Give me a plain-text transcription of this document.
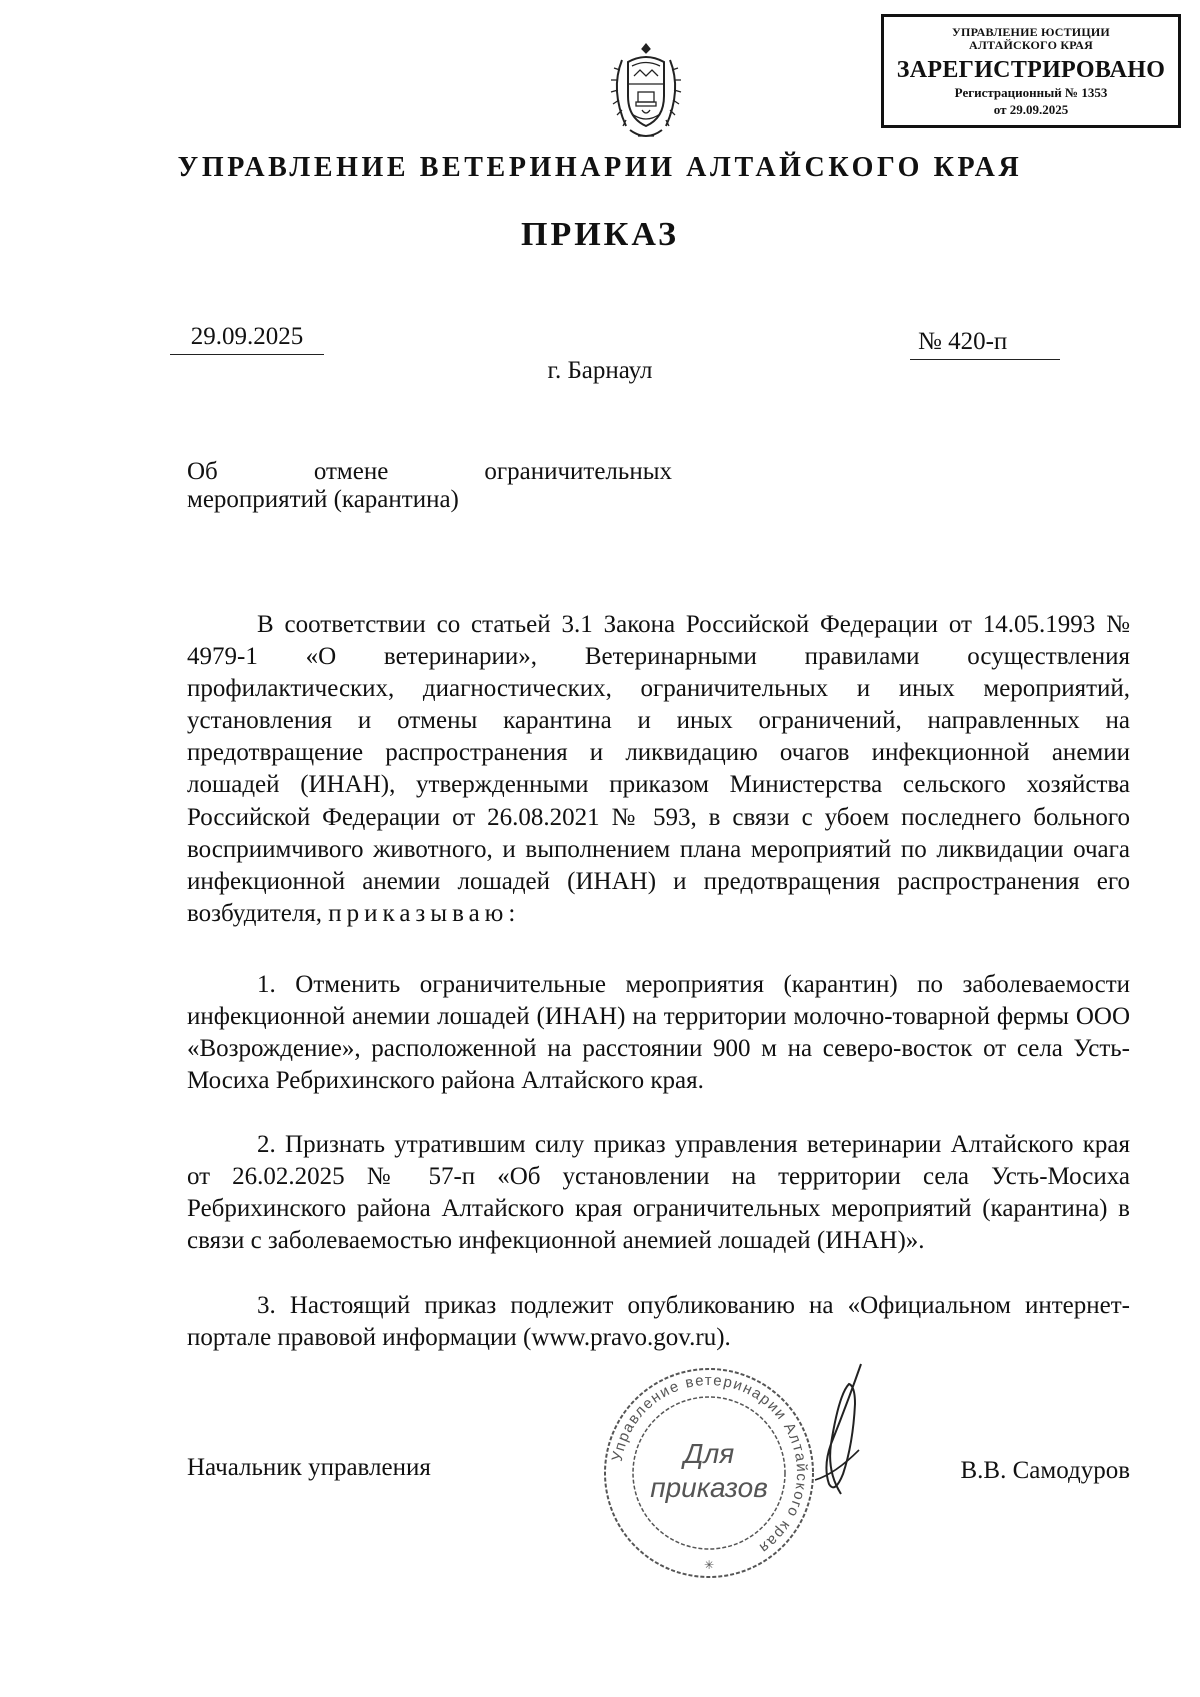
УПРАВЛЕНИЕ ЮСТИЦИИ
АЛТАЙСКОГО КРАЯ
ЗАРЕГИСТРИРОВАНО
Регистрационный № 1353
от 29.09.2025
УПРАВЛЕНИЕ ВЕТЕРИНАРИИ АЛТАЙСКОГО КРАЯ
ПРИКАЗ
29.09.2025	№ 420-п
г. Барнаул
Об отмене ограничительных
мероприятий (карантина)

В соответствии со статьей 3.1 Закона Российской Федерации от 14.05.1993 № 4979-1 «О ветеринарии», Ветеринарными правилами осуществления профилактических, диагностических, ограничительных и иных мероприятий, установления и отмены карантина и иных ограничений, направленных на предотвращение распространения и ликвидацию очагов инфекционной анемии лошадей (ИНАН), утвержденными приказом Министерства сельского хозяйства Российской Федерации от 26.08.2021 № 593, в связи с убоем последнего больного восприимчивого животного, и выполнением плана мероприятий по ликвидации очага инфекционной анемии лошадей (ИНАН) и предотвращения распространения его возбудителя, приказываю:

1. Отменить ограничительные мероприятия (карантин) по заболеваемости инфекционной анемии лошадей (ИНАН) на территории молочно-товарной фермы ООО «Возрождение», расположенной на расстоянии 900 м на северо-восток от села Усть-Мосиха Ребрихинского района Алтайского края.

2. Признать утратившим силу приказ управления ветеринарии Алтайского края от 26.02.2025 № 57-п «Об установлении на территории села Усть-Мосиха Ребрихинского района Алтайского края ограничительных мероприятий (карантина) в связи с заболеваемостью инфекционной анемией лошадей (ИНАН)».

3. Настоящий приказ подлежит опубликованию на «Официальном интернет-портале правовой информации (www.pravo.gov.ru).

Начальник управления	В.В. Самодуров
Управление ветеринарии Алтайского края
Для
приказов
✳
